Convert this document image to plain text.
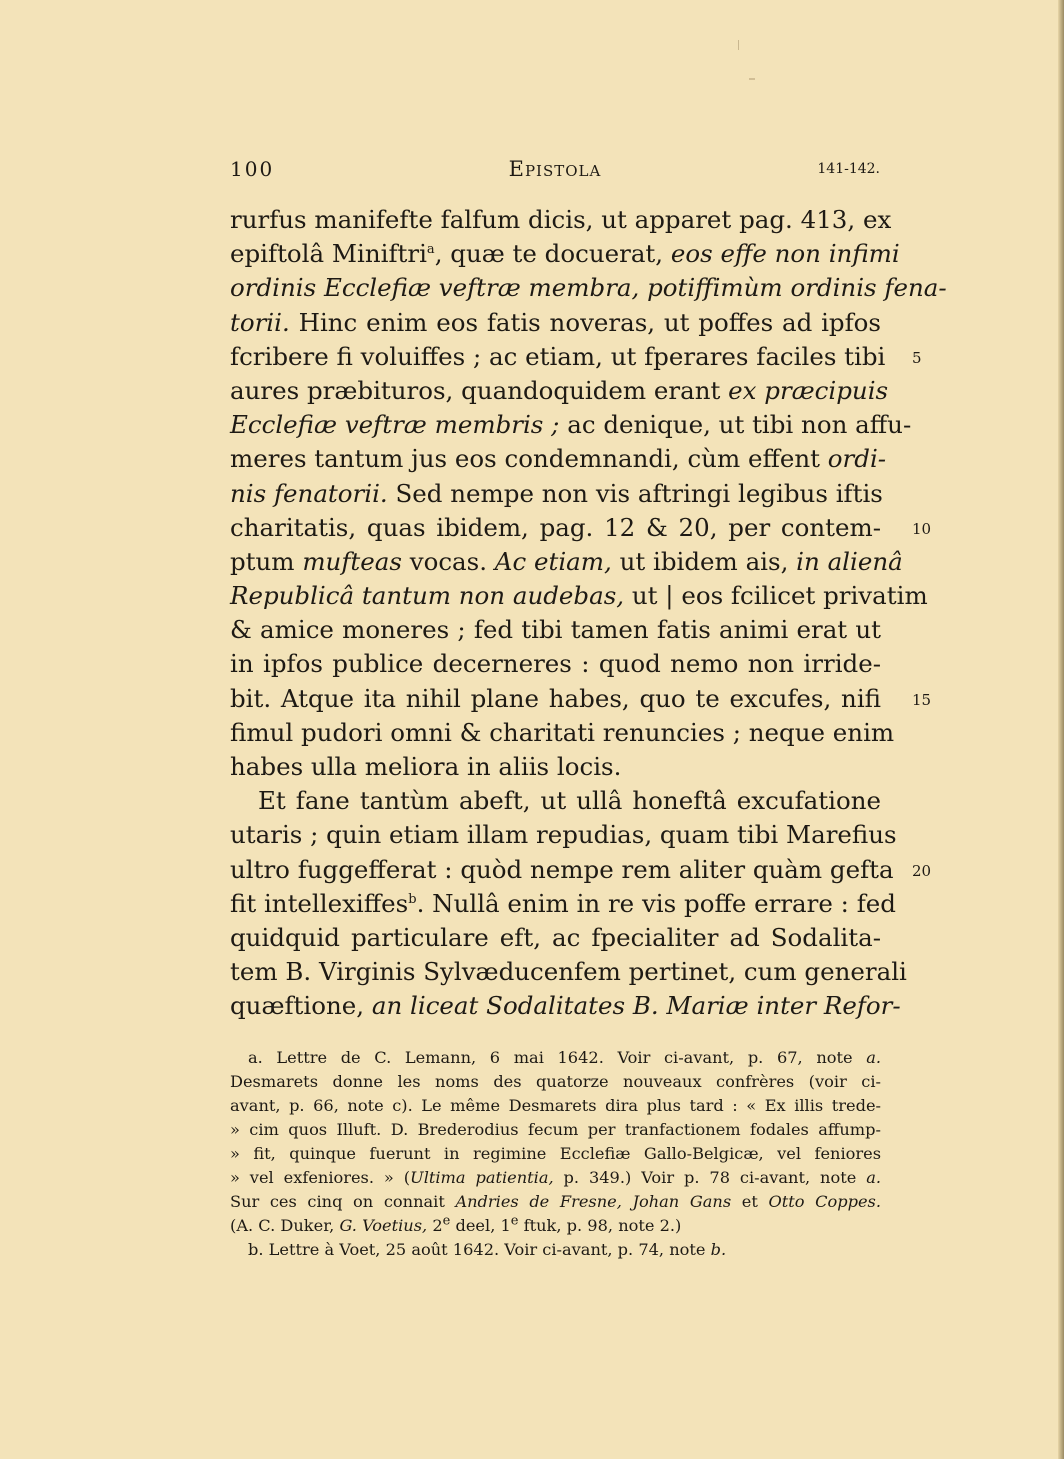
100	Epistola	141-142.
rurfus manifefte falfum dicis, ut apparet pag. 413, ex
epiftolâ Miniftri$^a$, quæ te docuerat, eos effe non infimi
ordinis Ecclefiæ veftræ membra, potiffimùm ordinis fena-
torii. Hinc enim eos fatis noveras, ut poffes ad ipfos
fcribere fi voluiffes ; ac etiam, ut fperares faciles tibi
aures præbituros, quandoquidem erant ex præcipuis
Ecclefiæ veftræ membris ; ac denique, ut tibi non affu-
meres tantum jus eos condemnandi, cùm effent ordi-
nis fenatorii. Sed nempe non vis aftringi legibus iftis
charitatis, quas ibidem, pag. 12 & 20, per contem-
ptum mufteas vocas. Ac etiam, ut ibidem ais, in alienâ
Republicâ tantum non audebas, ut | eos fcilicet privatim
& amice moneres ; fed tibi tamen fatis animi erat ut
in ipfos publice decerneres : quod nemo non irride-
bit. Atque ita nihil plane habes, quo te excufes, nifi
fimul pudori omni & charitati renuncies ; neque enim
habes ulla meliora in aliis locis.
Et fane tantùm abeft, ut ullâ honeftâ excufatione
utaris ; quin etiam illam repudias, quam tibi Marefius
ultro fuggefferat : quòd nempe rem aliter quàm gefta
fit intellexiffes$^b$. Nullâ enim in re vis poffe errare : fed
quidquid particulare eft, ac fpecialiter ad Sodalita-
tem B. Virginis Sylvæducenfem pertinet, cum generali
quæftione, an liceat Sodalitates B. Mariæ inter Refor-
5
10
15
20
a. Lettre de C. Lemann, 6 mai 1642. Voir ci-avant, p. 67, note a.
Desmarets donne les noms des quatorze nouveaux confrères (voir ci-
avant, p. 66, note c). Le même Desmarets dira plus tard : « Ex illis trede-
» cim quos Illuft. D. Brederodius fecum per tranfactionem fodales affump-
» fit, quinque fuerunt in regimine Ecclefiæ Gallo-Belgicæ, vel feniores
» vel exfeniores. » (Ultima patientia, p. 349.) Voir p. 78 ci-avant, note a.
Sur ces cinq on connait Andries de Fresne, Johan Gans et Otto Coppes.
(A. C. Duker, G. Voetius, 2e deel, 1e ftuk, p. 98, note 2.)
b. Lettre à Voet, 25 août 1642. Voir ci-avant, p. 74, note b.
